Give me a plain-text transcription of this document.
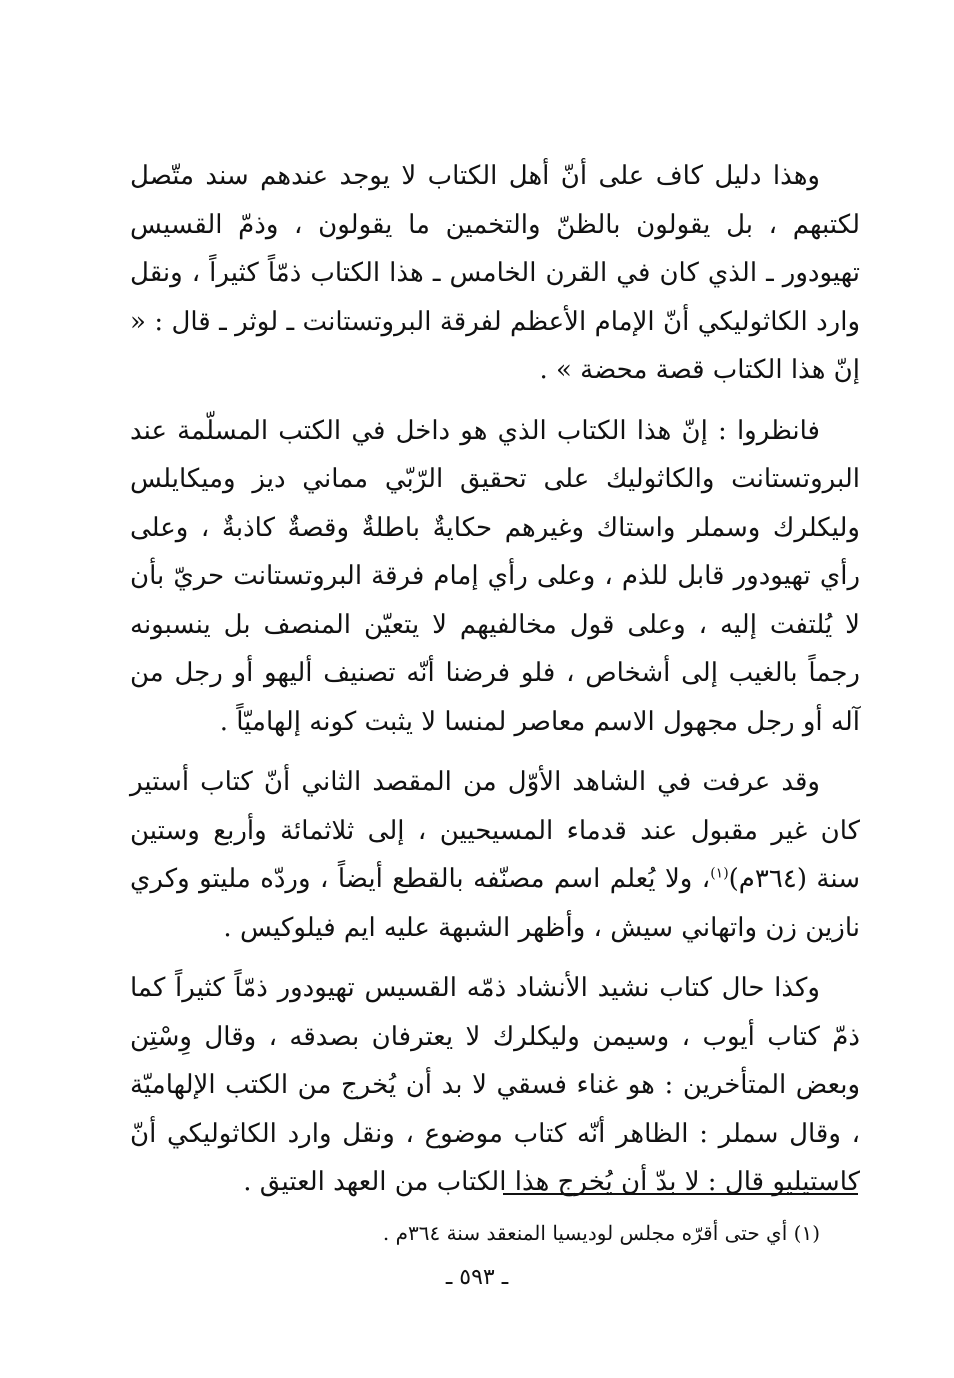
وهذا دليل كاف على أنّ أهل الكتاب لا يوجد عندهم سند متّصل لكتبهم ، بل يقولون بالظنّ والتخمين ما يقولون ، وذمّ القسيس تهيودور ـ الذي كان في القرن الخامس ـ هذا الكتاب ذمّاً كثيراً ، ونقل وارد الكاثوليكي أنّ الإمام الأعظم لفرقة البروتستانت ـ لوثر ـ قال : « إنّ هذا الكتاب قصة محضة » .

فانظروا : إنّ هذا الكتاب الذي هو داخل في الكتب المسلّمة عند البروتستانت والكاثوليك على تحقيق الرّبّي مماني ديز وميكايلس وليكلرك وسملر واستاك وغيرهم حكايةٌ باطلةٌ وقصةٌ كاذبةٌ ، وعلى رأي تهيودور قابل للذم ، وعلى رأي إمام فرقة البروتستانت حريّ بأن لا يُلتفت إليه ، وعلى قول مخالفيهم لا يتعيّن المنصف بل ينسبونه رجماً بالغيب إلى أشخاص ، فلو فرضنا أنّه تصنيف أليهو أو رجل من آله أو رجل مجهول الاسم معاصر لمنسا لا يثبت كونه إلهاميّاً .

وقد عرفت في الشاهد الأوّل من المقصد الثاني أنّ كتاب أستير كان غير مقبول عند قدماء المسيحيين ، إلى ثلاثمائة وأربع وستين سنة (٣٦٤م)$^{(١)}$، ولا يُعلم اسم مصنّفه بالقطع أيضاً ، وردّه مليتو وكري نازين زن واتهاني سيش ، وأظهر الشبهة عليه ايم فيلوكيس .

وكذا حال كتاب نشيد الأنشاد ذمّه القسيس تهيودور ذمّاً كثيراً كما ذمّ كتاب أيوب ، وسيمن وليكلرك لا يعترفان بصدقه ، وقال وِسْتِن وبعض المتأخرين : هو غناء فسقي لا بد أن يُخرج من الكتب الإلهاميّة ، وقال سملر : الظاهر أنّه كتاب موضوع ، ونقل وارد الكاثوليكي أنّ كاستيليو قال : لا بدّ أن يُخرج هذا الكتاب من العهد العتيق .

(١) أي حتى أقرّه مجلس لوديسيا المنعقد سنة ٣٦٤م .
ـ ٥٩٣ ـ
